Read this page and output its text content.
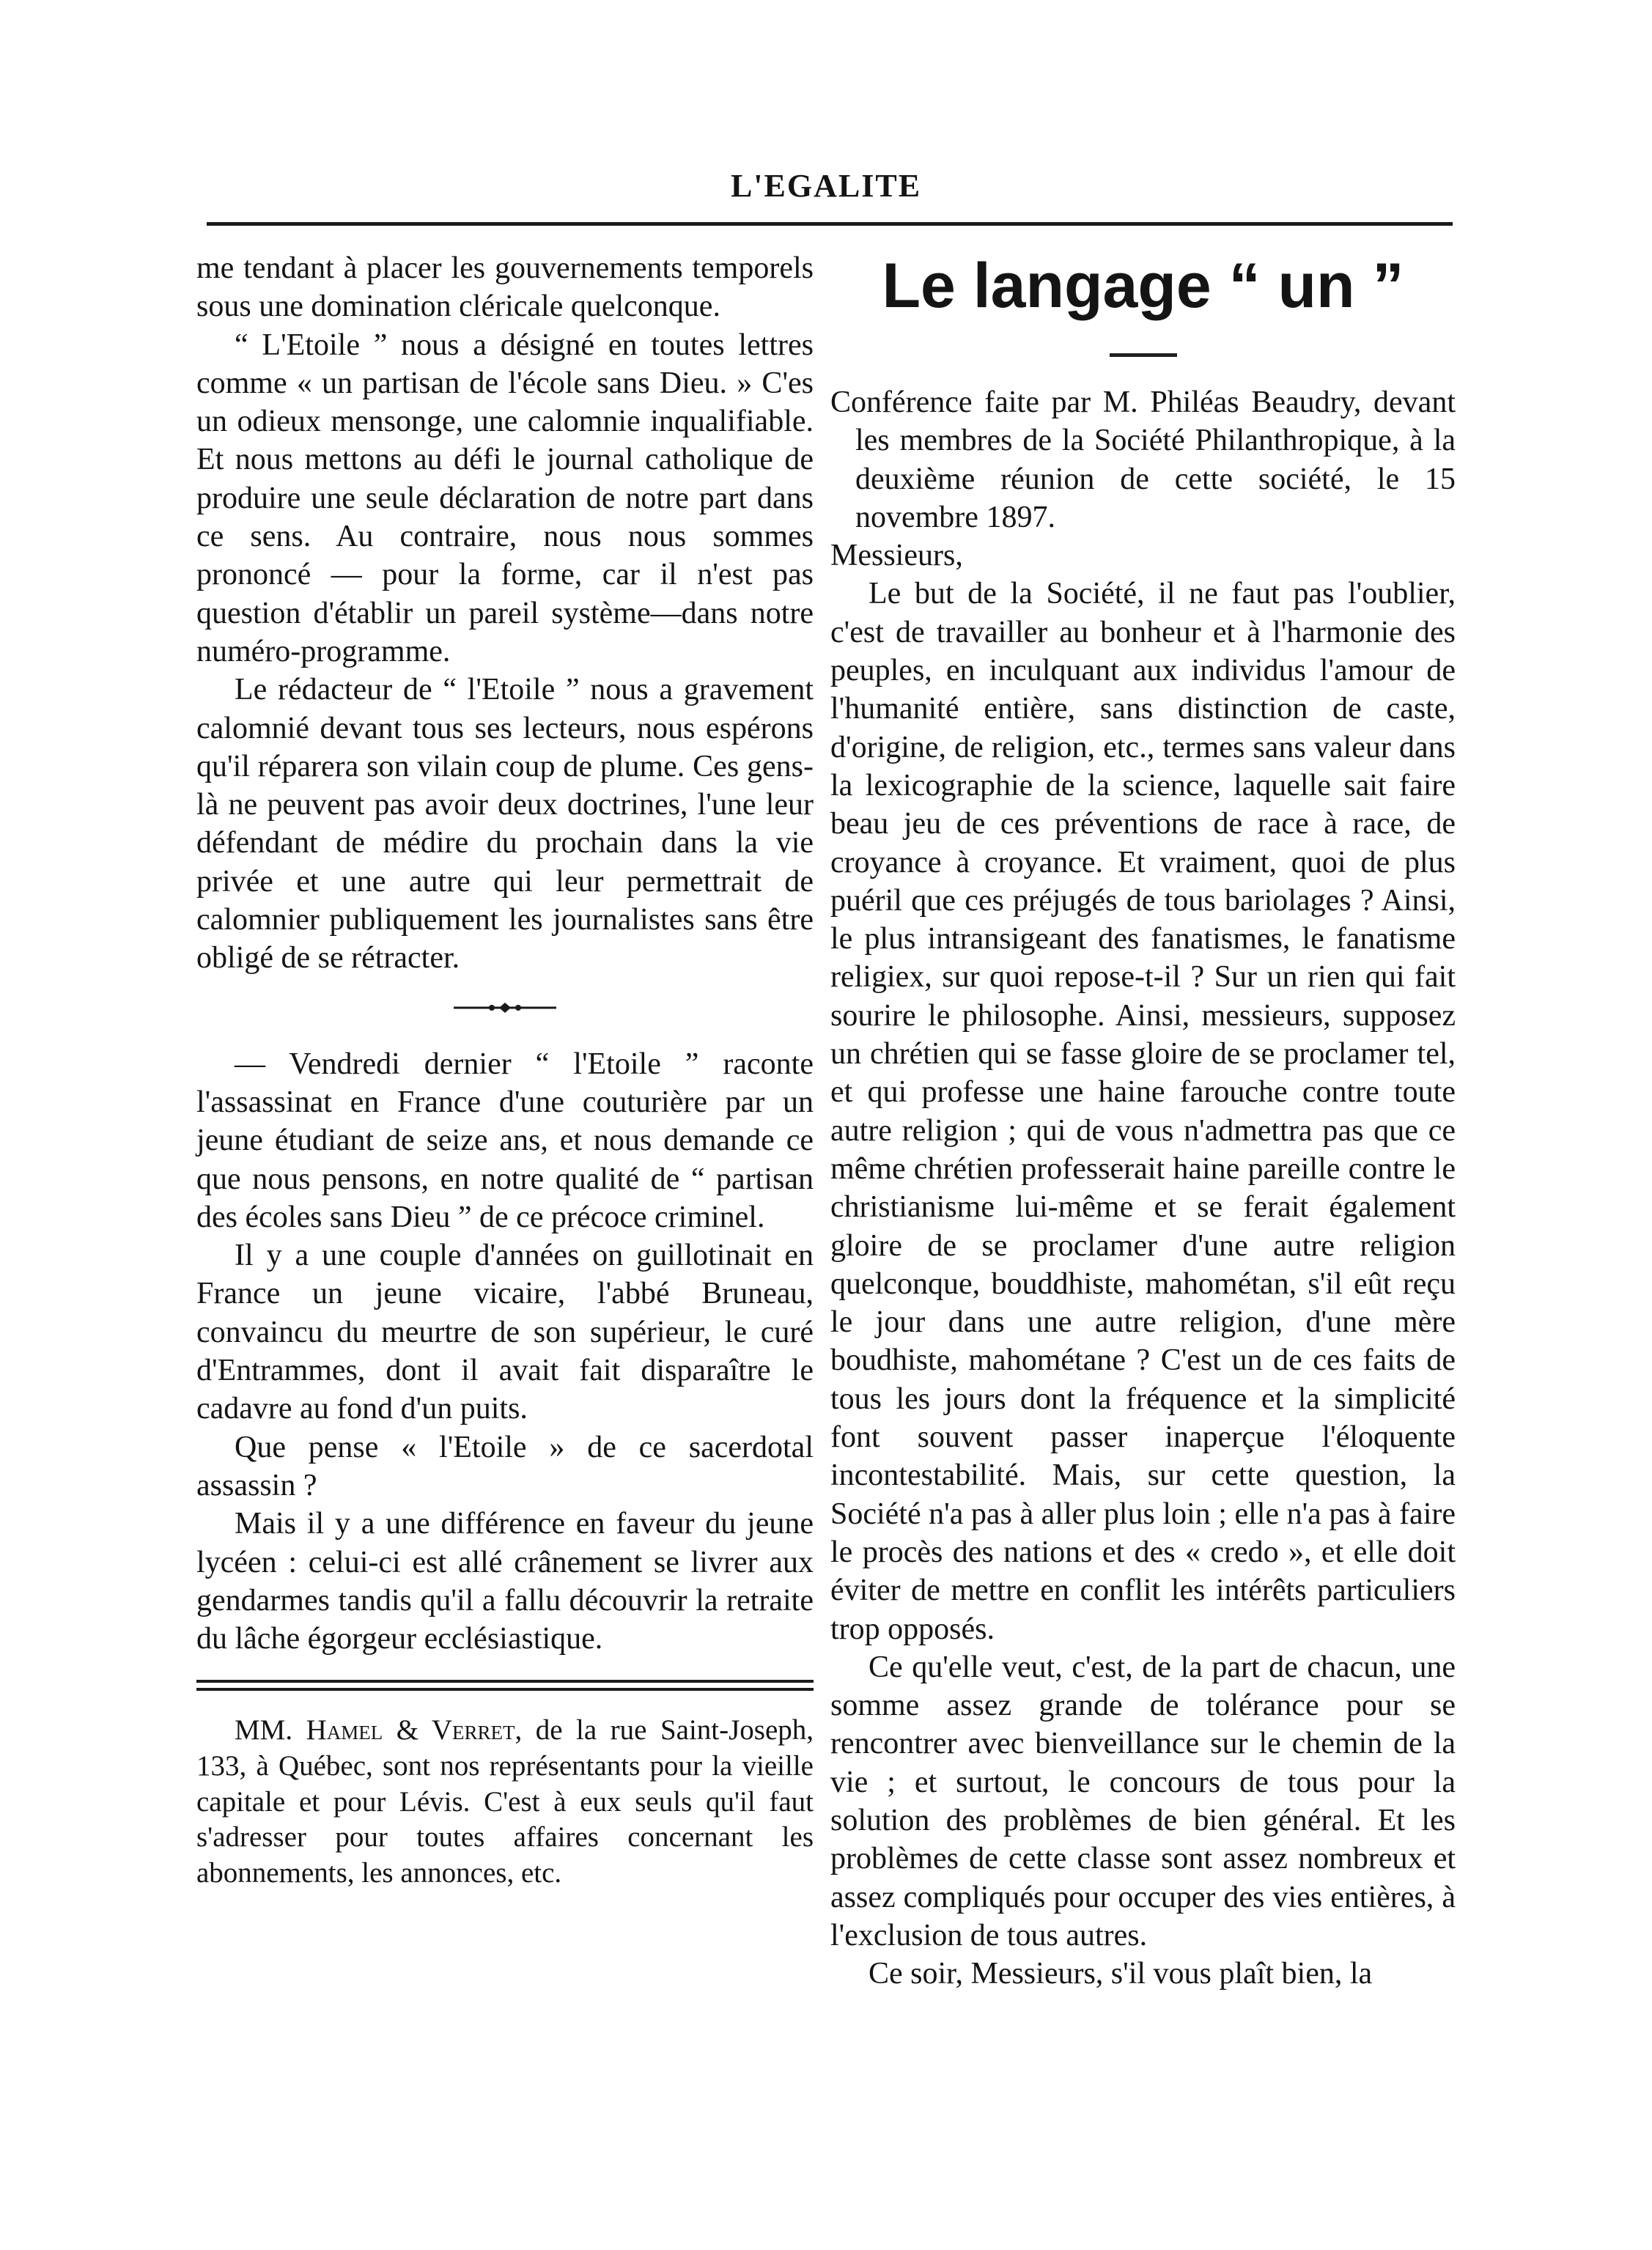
L'EGALITE

me tendant à placer les gouvernements temporels sous une domination cléricale quelconque.

“ L'Etoile ” nous a désigné en toutes lettres comme « un partisan de l'école sans Dieu. » C'es un odieux mensonge, une calomnie inqualifiable. Et nous mettons au défi le journal catholique de produire une seule déclaration de notre part dans ce sens. Au contraire, nous nous sommes prononcé — pour la forme, car il n'est pas question d'établir un pareil système—dans notre numéro-programme.

Le rédacteur de “ l'Etoile ” nous a gravement calomnié devant tous ses lecteurs, nous espérons qu'il réparera son vilain coup de plume. Ces gens-là ne peuvent pas avoir deux doctrines, l'une leur défendant de médire du prochain dans la vie privée et une autre qui leur permettrait de calomnier publiquement les journalistes sans être obligé de se rétracter.

— Vendredi dernier “ l'Etoile ” raconte l'assassinat en France d'une couturière par un jeune étudiant de seize ans, et nous demande ce que nous pensons, en notre qualité de “ partisan des écoles sans Dieu ” de ce précoce criminel.

Il y a une couple d'années on guillotinait en France un jeune vicaire, l'abbé Bruneau, convaincu du meurtre de son supérieur, le curé d'Entrammes, dont il avait fait disparaître le cadavre au fond d'un puits.

Que pense « l'Etoile » de ce sacerdotal assassin ?

Mais il y a une différence en faveur du jeune lycéen : celui-ci est allé crânement se livrer aux gendarmes tandis qu'il a fallu découvrir la retraite du lâche égorgeur ecclésiastique.

MM. Hamel & Verret, de la rue Saint-Joseph, 133, à Québec, sont nos représentants pour la vieille capitale et pour Lévis. C'est à eux seuls qu'il faut s'adresser pour toutes affaires concernant les abonnements, les annonces, etc.

Le langage “ un ”

Conférence faite par M. Philéas Beaudry, devant les membres de la Société Philanthropique, à la deuxième réunion de cette société, le 15 novembre 1897.

Messieurs,

Le but de la Société, il ne faut pas l'oublier, c'est de travailler au bonheur et à l'harmonie des peuples, en inculquant aux individus l'amour de l'humanité entière, sans distinction de caste, d'origine, de religion, etc., termes sans valeur dans la lexicographie de la science, laquelle sait faire beau jeu de ces préventions de race à race, de croyance à croyance. Et vraiment, quoi de plus puéril que ces préjugés de tous bariolages ? Ainsi, le plus intransigeant des fanatismes, le fanatisme religiex, sur quoi repose-t-il ? Sur un rien qui fait sourire le philosophe. Ainsi, messieurs, supposez un chrétien qui se fasse gloire de se proclamer tel, et qui professe une haine farouche contre toute autre religion ; qui de vous n'admettra pas que ce même chrétien professerait haine pareille contre le christianisme lui-même et se ferait également gloire de se proclamer d'une autre religion quelconque, bouddhiste, mahométan, s'il eût reçu le jour dans une autre religion, d'une mère boudhiste, mahométane ? C'est un de ces faits de tous les jours dont la fréquence et la simplicité font souvent passer inaperçue l'éloquente incontestabilité. Mais, sur cette question, la Société n'a pas à aller plus loin ; elle n'a pas à faire le procès des nations et des « credo », et elle doit éviter de mettre en conflit les intérêts particuliers trop opposés.

Ce qu'elle veut, c'est, de la part de chacun, une somme assez grande de tolérance pour se rencontrer avec bienveillance sur le chemin de la vie ; et surtout, le concours de tous pour la solution des problèmes de bien général. Et les problèmes de cette classe sont assez nombreux et assez compliqués pour occuper des vies entières, à l'exclusion de tous autres.

Ce soir, Messieurs, s'il vous plaît bien, la
